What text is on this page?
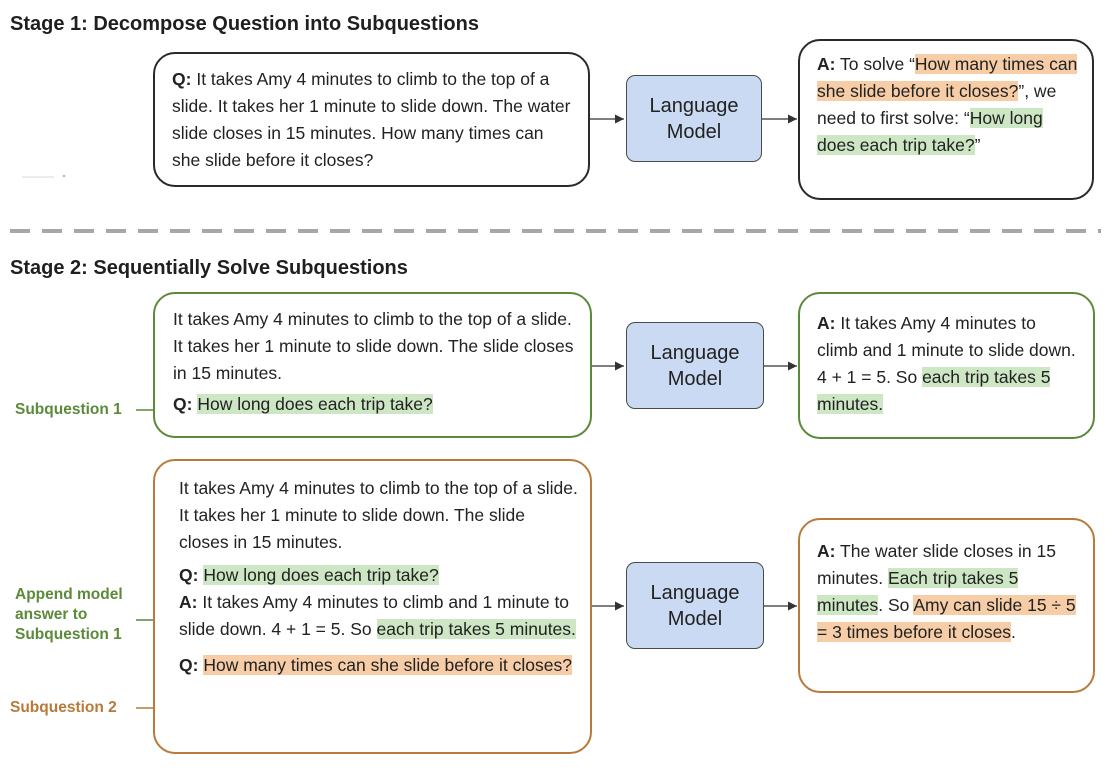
Stage 1: Decompose Question into Subquestions

Q: It takes Amy 4 minutes to climb to the top of a slide. It takes her 1 minute to slide down. The water slide closes in 15 minutes. How many times can she slide before it closes?

Language
Model

A: To solve “How many times can she slide before it closes?”, we need to first solve: “How long does each trip take?”

Stage 2: Sequentially Solve Subquestions
Subquestion 1

It takes Amy 4 minutes to climb to the top of a slide. It takes her 1 minute to slide down. The slide closes in 15 minutes.

Q: How long does each trip take?

Language
Model

A: It takes Amy 4 minutes to climb and 1 minute to slide down. 4 + 1 = 5. So each trip takes 5 minutes.

Append model
answer to
Subquestion 1
Subquestion 2

It takes Amy 4 minutes to climb to the top of a slide. It takes her 1 minute to slide down. The slide closes in 15 minutes.

Q: How long does each trip take?

A: It takes Amy 4 minutes to climb and 1 minute to slide down. 4 + 1 = 5. So each trip takes 5 minutes.

Q: How many times can she slide before it closes?

Language
Model

A: The water slide closes in 15 minutes. Each trip takes 5 minutes. So Amy can slide 15 ÷ 5 = 3 times before it closes.
